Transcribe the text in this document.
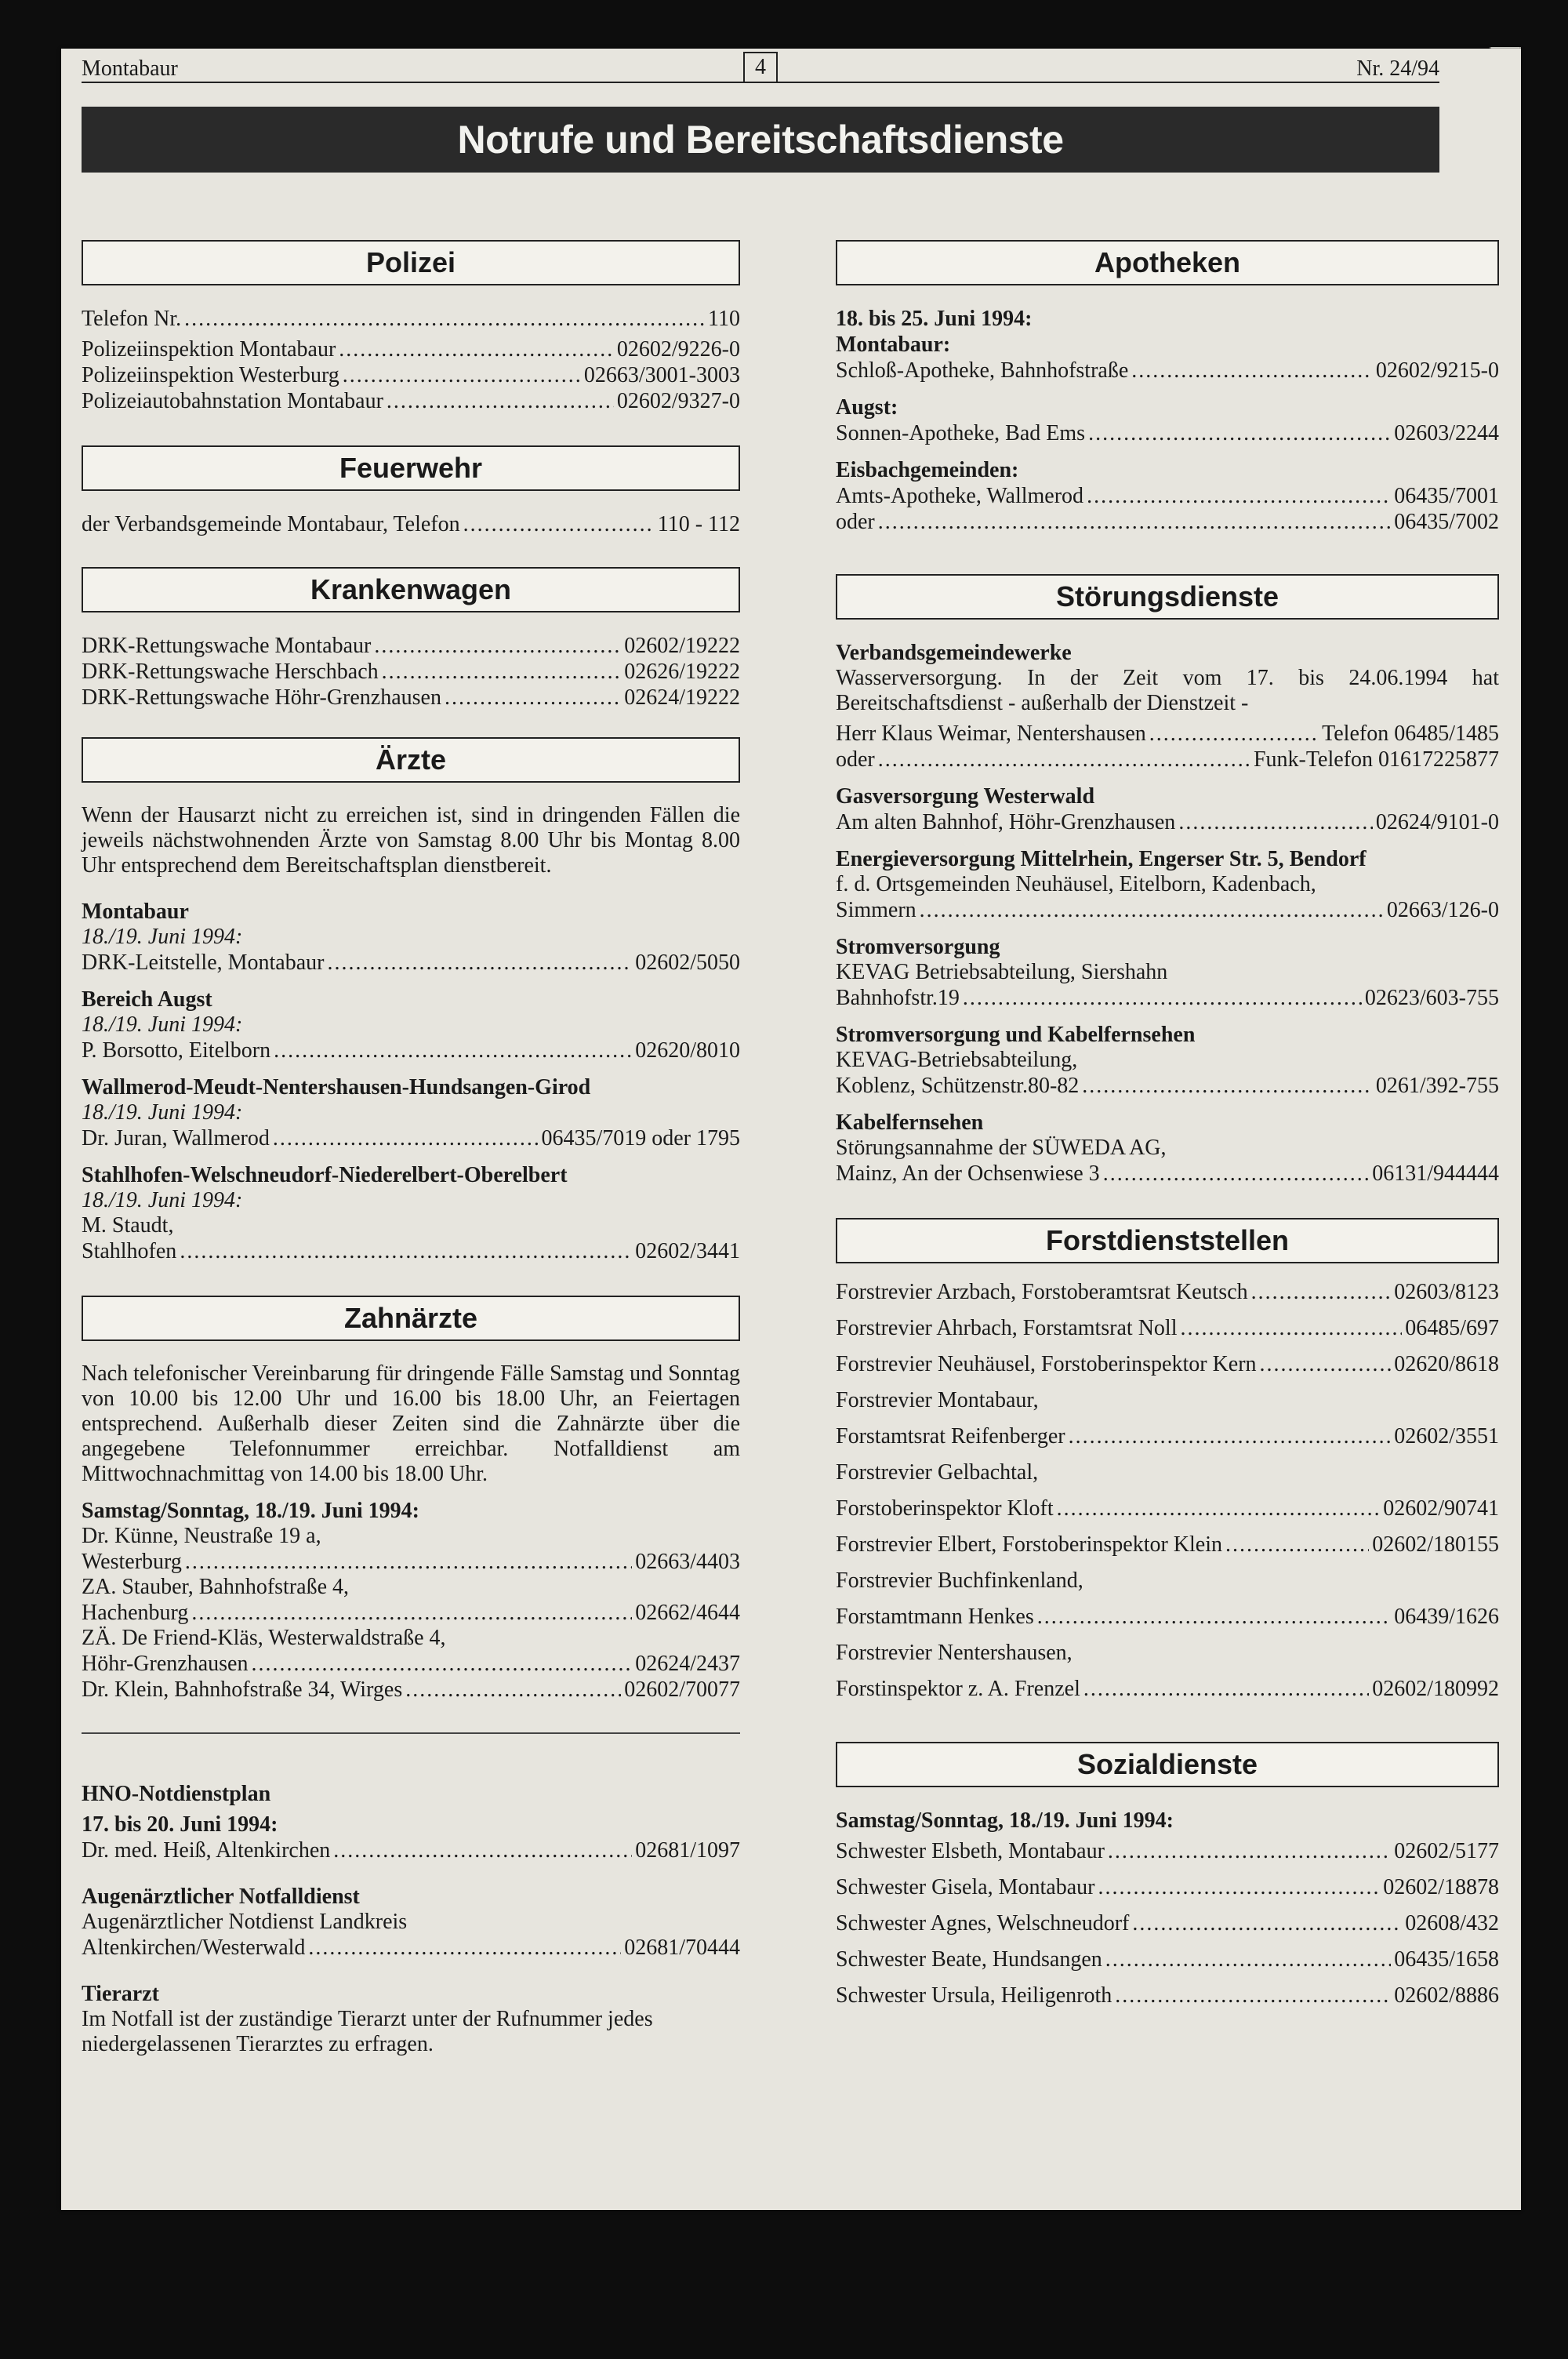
Montabaur	4	Nr. 24/94
Notrufe und Bereitschaftsdienste
Polizei
Telefon Nr. .....	110
Polizeiinspektion Montabaur .....	02602/9226-0
Polizeiinspektion Westerburg .....	02663/3001-3003
Polizeiautobahnstation Montabaur .....	02602/9327-0
Feuerwehr
der Verbandsgemeinde Montabaur, Telefon .....	110 - 112
Krankenwagen
DRK-Rettungswache Montabaur .....	02602/19222
DRK-Rettungswache Herschbach .....	02626/19222
DRK-Rettungswache Höhr-Grenzhausen .....	02624/19222
Ärzte

Wenn der Hausarzt nicht zu erreichen ist, sind in dringenden Fällen die jeweils nächstwohnenden Ärzte von Samstag 8.00 Uhr bis Montag 8.00 Uhr entsprechend dem Bereitschaftsplan dienstbereit.

Montabaur
18./19. Juni 1994:
DRK-Leitstelle, Montabaur .....	02602/5050
Bereich Augst
18./19. Juni 1994:
P. Borsotto, Eitelborn .....	02620/8010
Wallmerod-Meudt-Nentershausen-Hundsangen-Girod
18./19. Juni 1994:
Dr. Juran, Wallmerod .....	06435/7019 oder 1795
Stahlhofen-Welschneudorf-Niederelbert-Oberelbert
18./19. Juni 1994:
M. Staudt,
Stahlhofen .....	02602/3441
Zahnärzte

Nach telefonischer Vereinbarung für dringende Fälle Samstag und Sonntag von 10.00 bis 12.00 Uhr und 16.00 bis 18.00 Uhr, an Feiertagen entsprechend. Außerhalb dieser Zeiten sind die Zahnärzte über die angegebene Telefonnummer erreichbar. Notfalldienst am Mittwochnachmittag von 14.00 bis 18.00 Uhr.

Samstag/Sonntag, 18./19. Juni 1994:
Dr. Künne, Neustraße 19 a,
Westerburg .....	02663/4403
ZA. Stauber, Bahnhofstraße 4,
Hachenburg .....	02662/4644
ZÄ. De Friend-Kläs, Westerwaldstraße 4,
Höhr-Grenzhausen .....	02624/2437
Dr. Klein, Bahnhofstraße 34, Wirges .....	02602/70077
HNO-Notdienstplan
17. bis 20. Juni 1994:
Dr. med. Heiß, Altenkirchen .....	02681/1097
Augenärztlicher Notfalldienst
Augenärztlicher Notdienst Landkreis
Altenkirchen/Westerwald .....	02681/70444
Tierarzt

Im Notfall ist der zuständige Tierarzt unter der Rufnummer jedes niedergelassenen Tierarztes zu erfragen.

Apotheken
18. bis 25. Juni 1994:
Montabaur:
Schloß-Apotheke, Bahnhofstraße .....	02602/9215-0
Augst:
Sonnen-Apotheke, Bad Ems .....	02603/2244
Eisbachgemeinden:
Amts-Apotheke, Wallmerod .....	06435/7001
oder .....	06435/7002
Störungsdienste
Verbandsgemeindewerke

Wasserversorgung. In der Zeit vom 17. bis 24.06.1994 hat Bereitschaftsdienst - außerhalb der Dienstzeit -

Herr Klaus Weimar, Nentershausen .....	Telefon 06485/1485
oder .....	Funk-Telefon 01617225877
Gasversorgung Westerwald
Am alten Bahnhof, Höhr-Grenzhausen .....	02624/9101-0
Energieversorgung Mittelrhein, Engerser Str. 5, Bendorf
f. d. Ortsgemeinden Neuhäusel, Eitelborn, Kadenbach,
Simmern .....	02663/126-0
Stromversorgung
KEVAG Betriebsabteilung, Siershahn
Bahnhofstr.19 .....	02623/603-755
Stromversorgung und Kabelfernsehen
KEVAG-Betriebsabteilung,
Koblenz, Schützenstr.80-82 .....	0261/392-755
Kabelfernsehen
Störungsannahme der SÜWEDA AG,
Mainz, An der Ochsenwiese 3 .....	06131/944444
Forstdienststellen
Forstrevier Arzbach, Forstoberamtsrat Keutsch .....	02603/8123
Forstrevier Ahrbach, Forstamtsrat Noll .....	06485/697
Forstrevier Neuhäusel, Forstoberinspektor Kern .....	02620/8618
Forstrevier Montabaur,
Forstamtsrat Reifenberger .....	02602/3551
Forstrevier Gelbachtal,
Forstoberinspektor Kloft .....	02602/90741
Forstrevier Elbert, Forstoberinspektor Klein .....	02602/180155
Forstrevier Buchfinkenland,
Forstamtmann Henkes .....	06439/1626
Forstrevier Nentershausen,
Forstinspektor z. A. Frenzel .....	02602/180992
Sozialdienste
Samstag/Sonntag, 18./19. Juni 1994:
Schwester Elsbeth, Montabaur .....	02602/5177
Schwester Gisela, Montabaur .....	02602/18878
Schwester Agnes, Welschneudorf .....	02608/432
Schwester Beate, Hundsangen .....	06435/1658
Schwester Ursula, Heiligenroth .....	02602/8886
